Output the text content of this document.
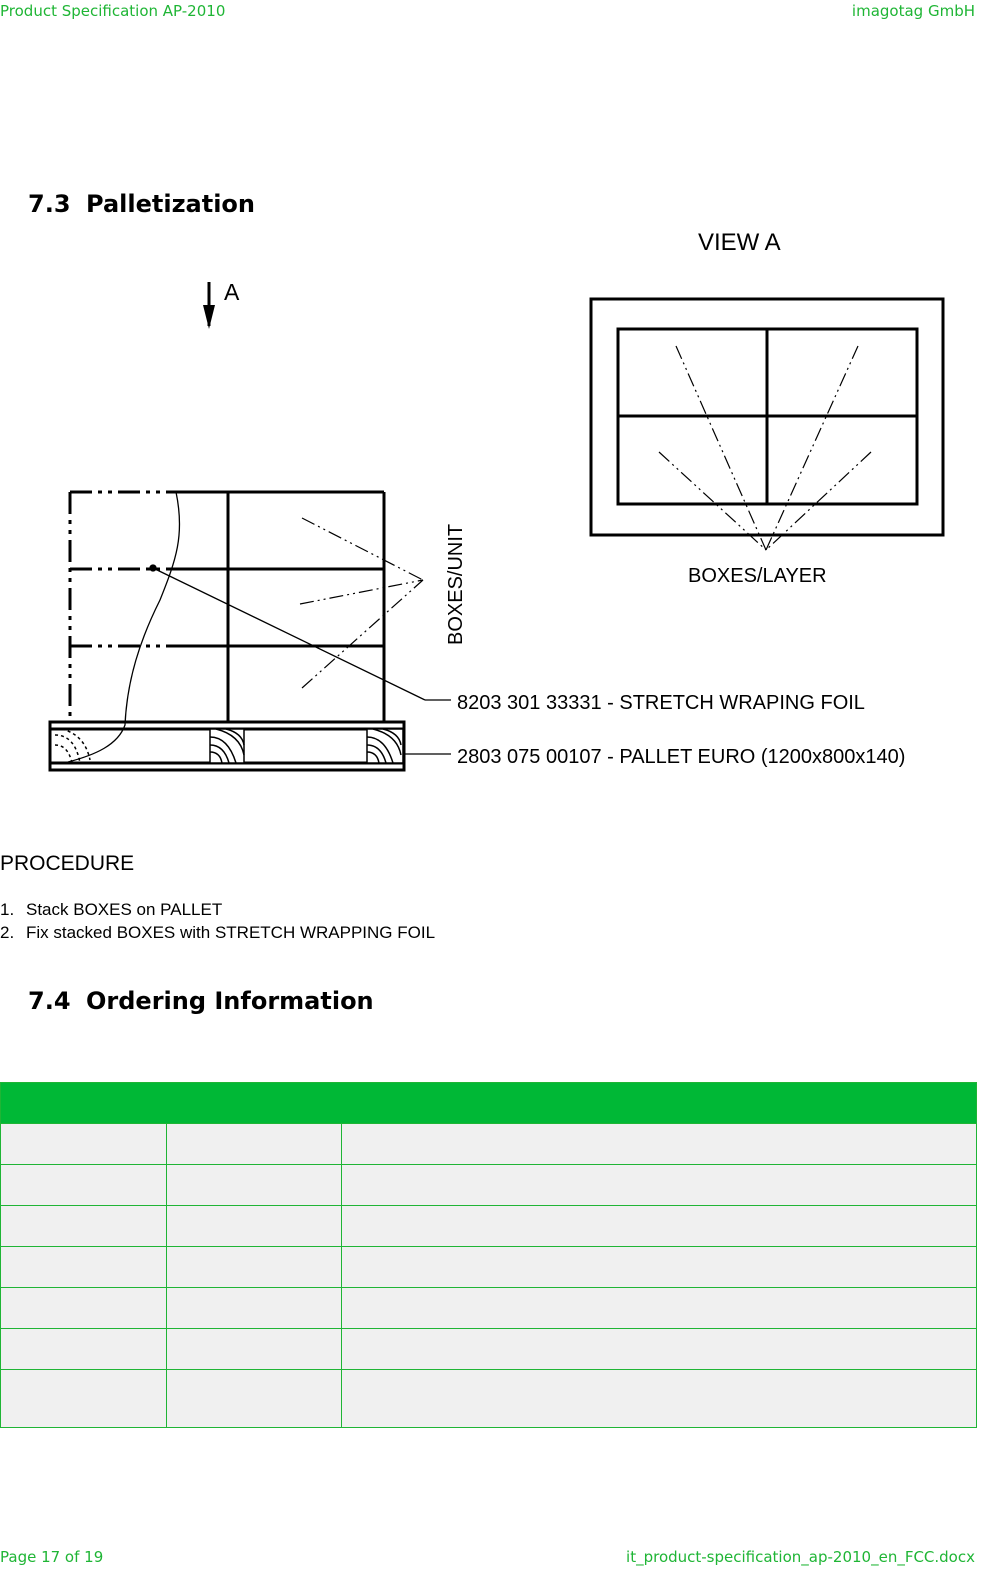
Product Specification AP-2010	imagotag GmbH
7.3 Palletization
A
VIEW A
BOXES/LAYER
BOXES/UNIT
8203 301 33331 - STRETCH WRAPING FOIL
2803 075 00107 - PALLET EURO (1200x800x140)
PROCEDURE
1. Stack BOXES on PALLET
2. Fix stacked BOXES with STRETCH WRAPPING FOIL
7.4 Ordering Information

Page 17 of 19	it_product-specification_ap-2010_en_FCC.docx
